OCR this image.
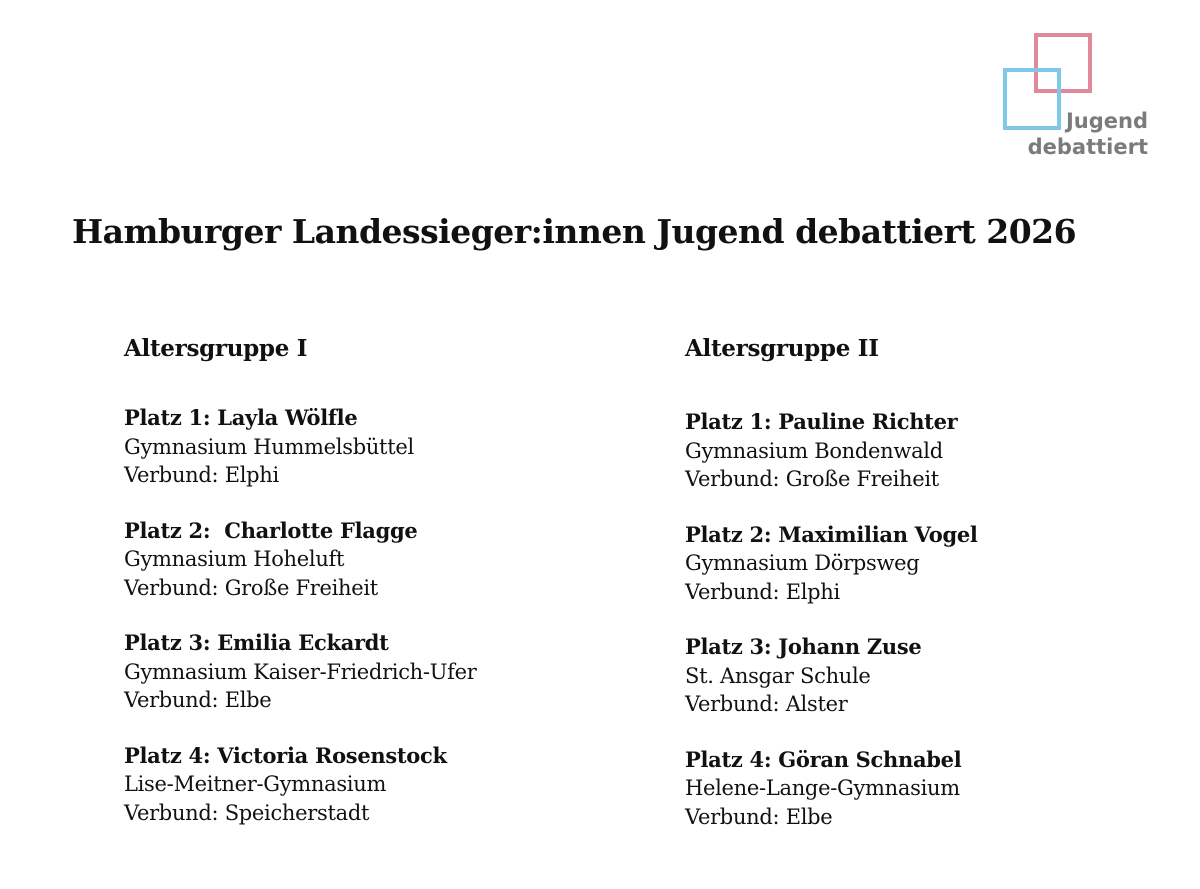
Jugend
debattiert
Hamburger Landessieger:innen Jugend debattiert 2026
Altersgruppe I
Platz 1: Layla Wölfle
Gymnasium Hummelsbüttel
Verbund: Elphi
Platz 2:  Charlotte Flagge
Gymnasium Hoheluft
Verbund: Große Freiheit
Platz 3: Emilia Eckardt
Gymnasium Kaiser-Friedrich-Ufer
Verbund: Elbe
Platz 4: Victoria Rosenstock
Lise-Meitner-Gymnasium
Verbund: Speicherstadt
Altersgruppe II
Platz 1: Pauline Richter
Gymnasium Bondenwald
Verbund: Große Freiheit
Platz 2: Maximilian Vogel
Gymnasium Dörpsweg
Verbund: Elphi
Platz 3: Johann Zuse
St. Ansgar Schule
Verbund: Alster
Platz 4: Göran Schnabel
Helene-Lange-Gymnasium
Verbund: Elbe
